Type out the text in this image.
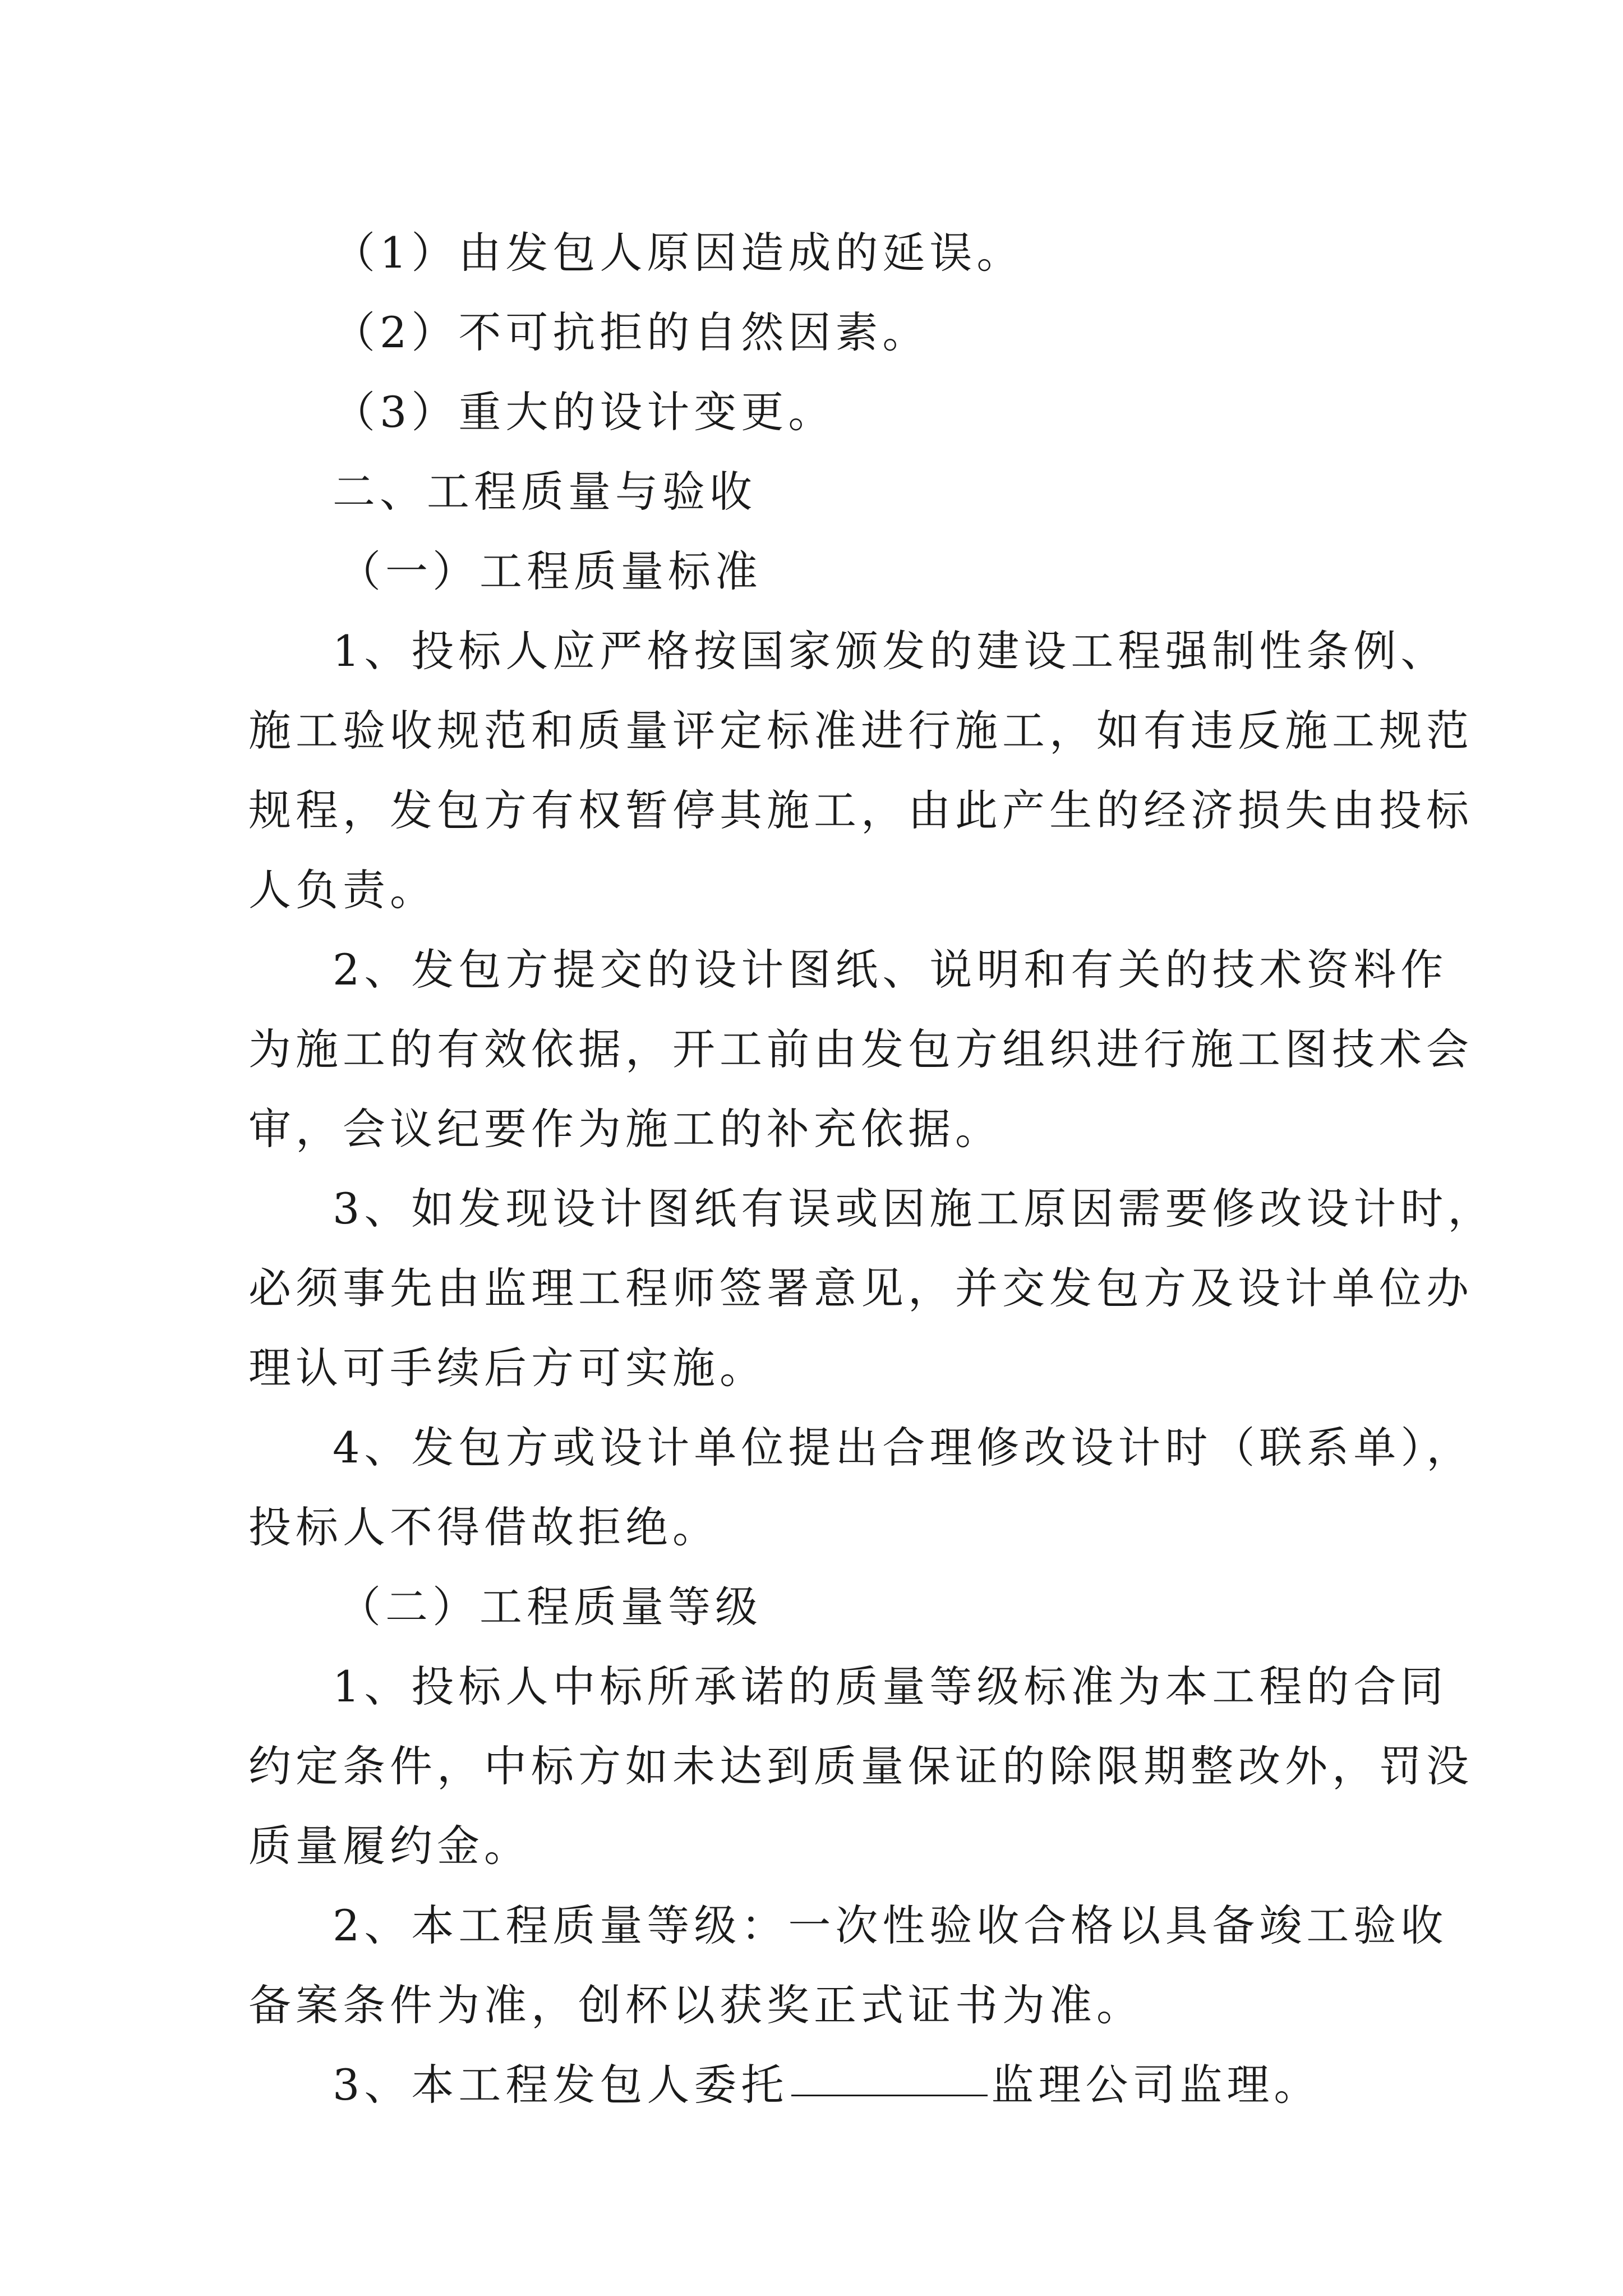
（1）由发包人原因造成的延误。
（2）不可抗拒的自然因素。
（3）重大的设计变更。
二、工程质量与验收
（一）工程质量标准
1、投标人应严格按国家颁发的建设工程强制性条例、
施工验收规范和质量评定标准进行施工，如有违反施工规范
规程，发包方有权暂停其施工，由此产生的经济损失由投标
人负责。
2、发包方提交的设计图纸、说明和有关的技术资料作
为施工的有效依据，开工前由发包方组织进行施工图技术会
审，会议纪要作为施工的补充依据。
3、如发现设计图纸有误或因施工原因需要修改设计时，
必须事先由监理工程师签署意见，并交发包方及设计单位办
理认可手续后方可实施。
4、发包方或设计单位提出合理修改设计时（联系单），
投标人不得借故拒绝。
（二）工程质量等级
1、投标人中标所承诺的质量等级标准为本工程的合同
约定条件，中标方如未达到质量保证的除限期整改外，罚没
质量履约金。
2、本工程质量等级：一次性验收合格以具备竣工验收
备案条件为准，创杯以获奖正式证书为准。
3、本工程发包人委托	监理公司监理。
